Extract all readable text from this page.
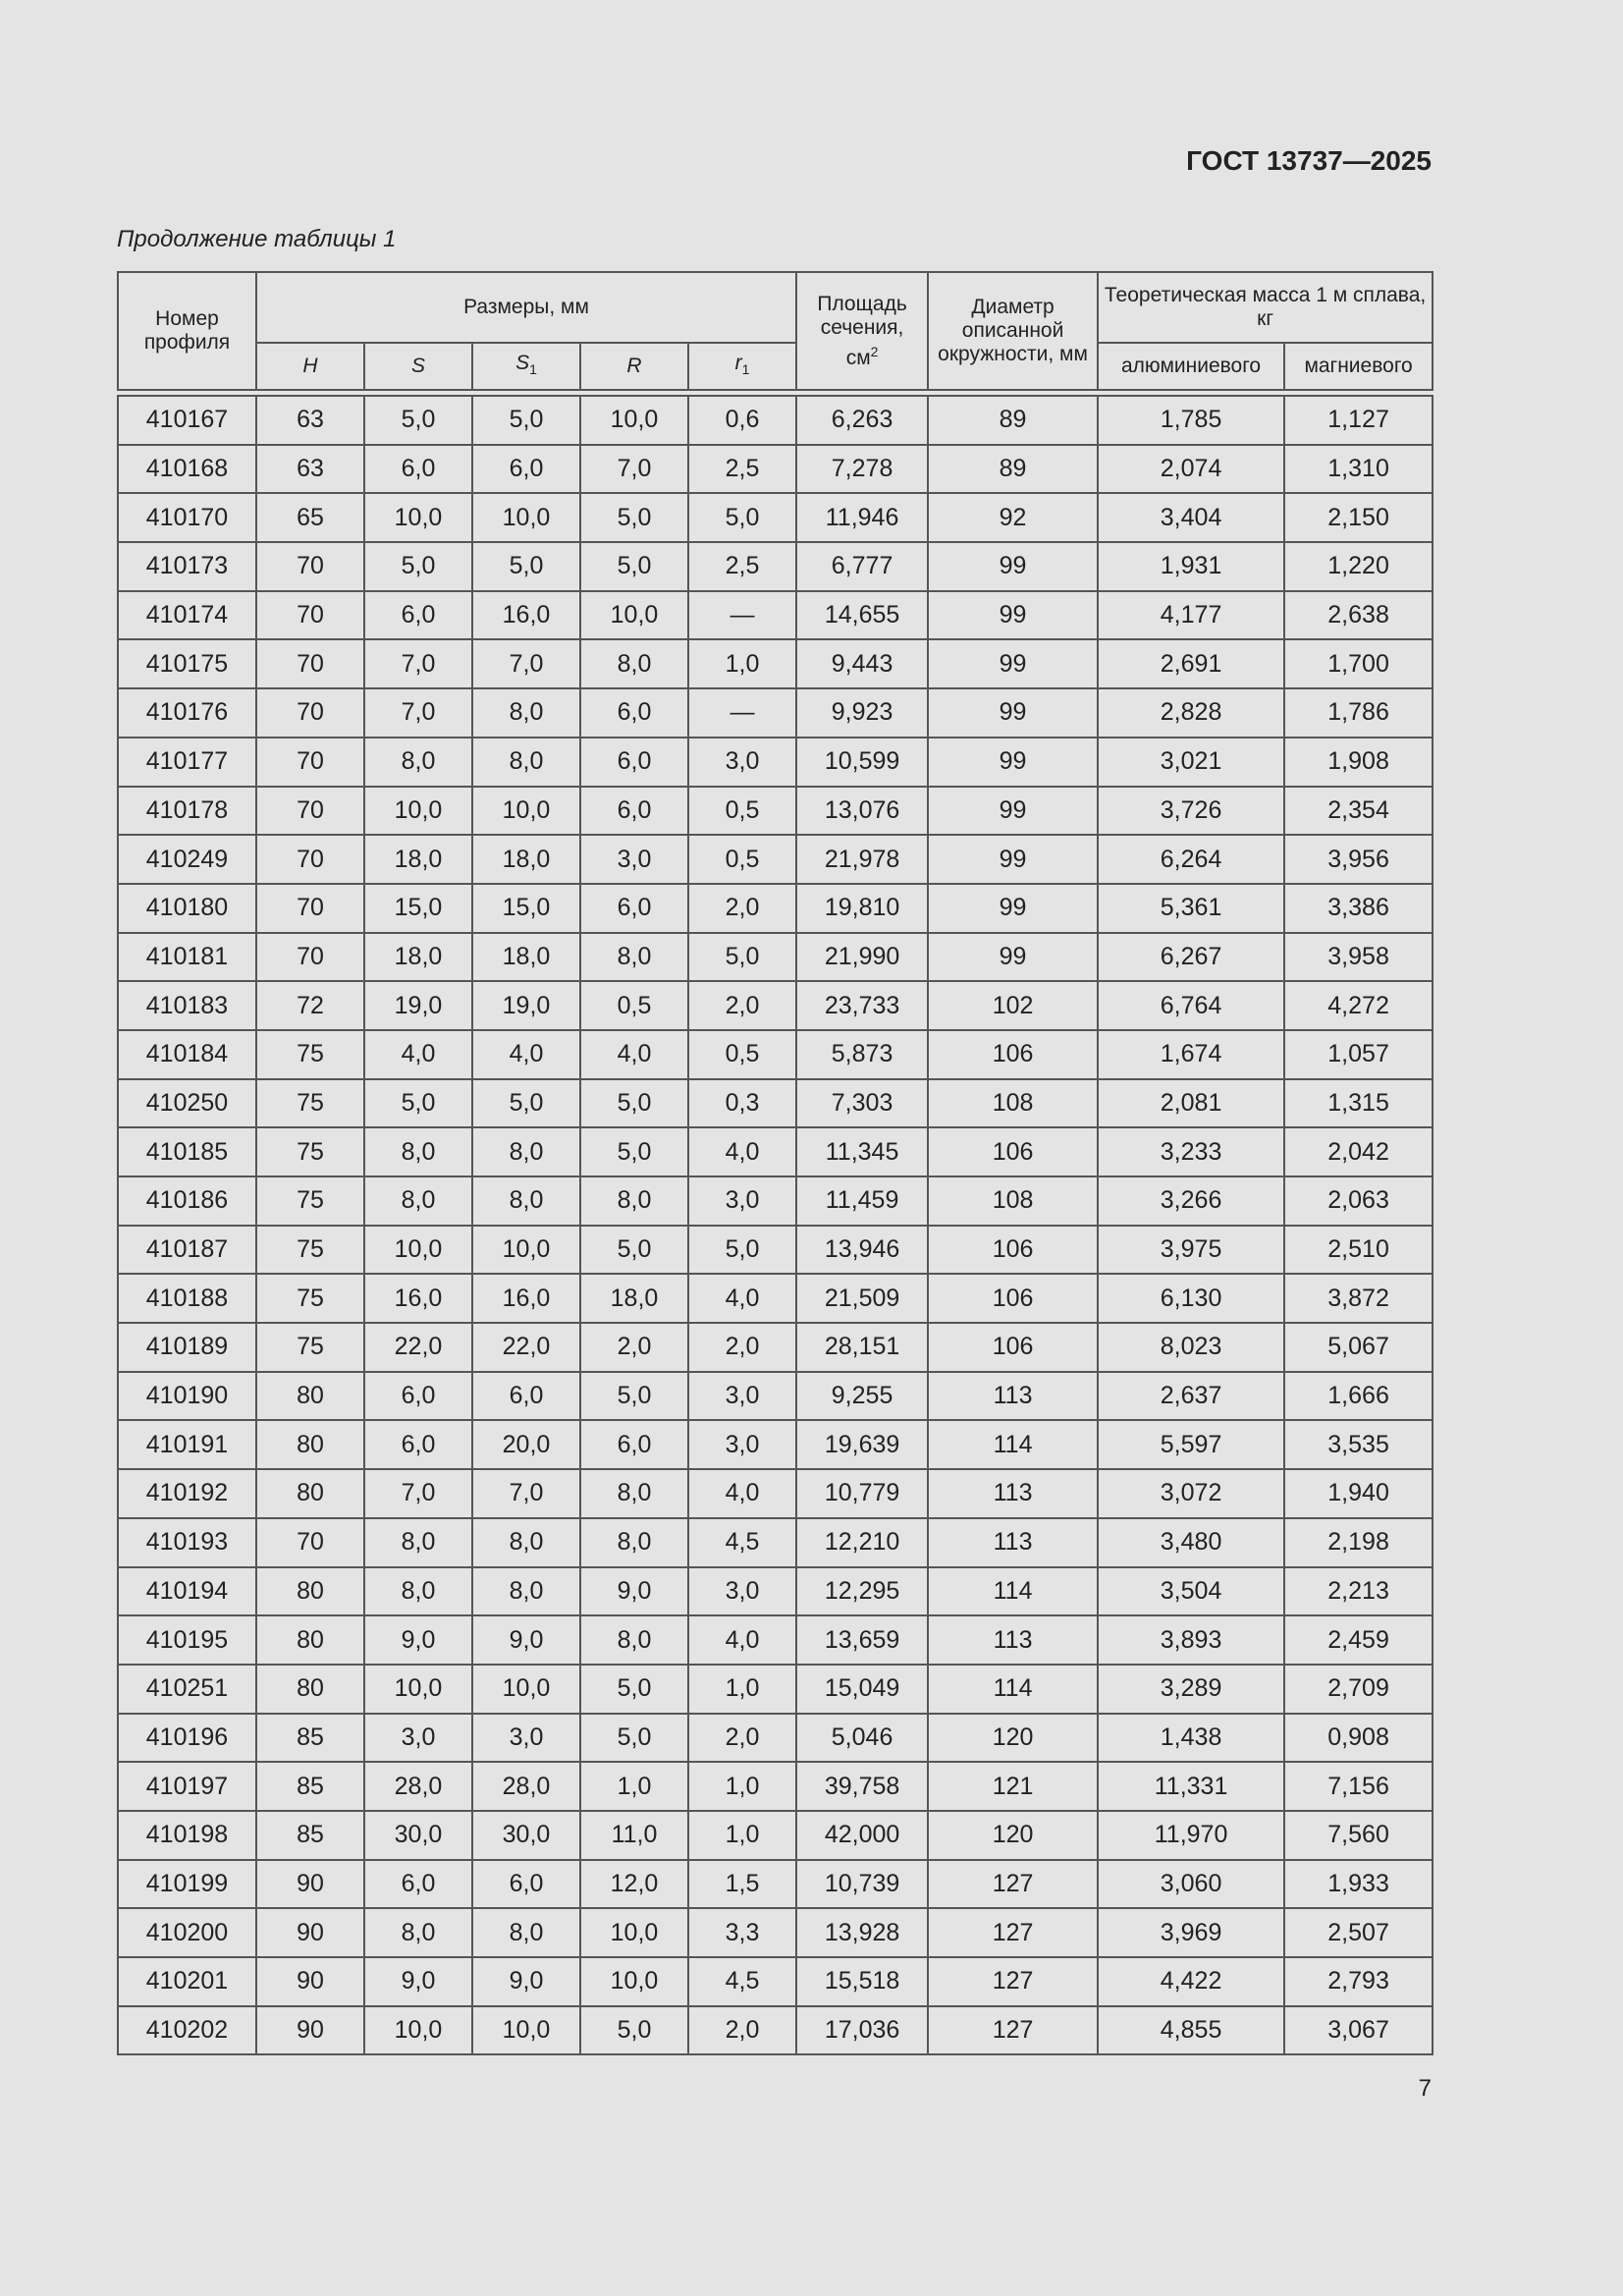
ГОСТ 13737—2025
Продолжение таблицы 1
Номер профиля	Размеры, мм					Площадь сечения,
$см^2$	Диаметр описанной окружности, мм	Теоретическая масса 1 м сплава, кг	
	H	S	$S_1$	R	$r_1$			алюминиевого	магниевого

410167	63	5,0	5,0	10,0	0,6	6,263	89	1,785	1,127
410168	63	6,0	6,0	7,0	2,5	7,278	89	2,074	1,310
410170	65	10,0	10,0	5,0	5,0	11,946	92	3,404	2,150
410173	70	5,0	5,0	5,0	2,5	6,777	99	1,931	1,220
410174	70	6,0	16,0	10,0	—	14,655	99	4,177	2,638
410175	70	7,0	7,0	8,0	1,0	9,443	99	2,691	1,700
410176	70	7,0	8,0	6,0	—	9,923	99	2,828	1,786
410177	70	8,0	8,0	6,0	3,0	10,599	99	3,021	1,908
410178	70	10,0	10,0	6,0	0,5	13,076	99	3,726	2,354
410249	70	18,0	18,0	3,0	0,5	21,978	99	6,264	3,956
410180	70	15,0	15,0	6,0	2,0	19,810	99	5,361	3,386
410181	70	18,0	18,0	8,0	5,0	21,990	99	6,267	3,958
410183	72	19,0	19,0	0,5	2,0	23,733	102	6,764	4,272
410184	75	4,0	4,0	4,0	0,5	5,873	106	1,674	1,057
410250	75	5,0	5,0	5,0	0,3	7,303	108	2,081	1,315
410185	75	8,0	8,0	5,0	4,0	11,345	106	3,233	2,042
410186	75	8,0	8,0	8,0	3,0	11,459	108	3,266	2,063
410187	75	10,0	10,0	5,0	5,0	13,946	106	3,975	2,510
410188	75	16,0	16,0	18,0	4,0	21,509	106	6,130	3,872
410189	75	22,0	22,0	2,0	2,0	28,151	106	8,023	5,067
410190	80	6,0	6,0	5,0	3,0	9,255	113	2,637	1,666
410191	80	6,0	20,0	6,0	3,0	19,639	114	5,597	3,535
410192	80	7,0	7,0	8,0	4,0	10,779	113	3,072	1,940
410193	70	8,0	8,0	8,0	4,5	12,210	113	3,480	2,198
410194	80	8,0	8,0	9,0	3,0	12,295	114	3,504	2,213
410195	80	9,0	9,0	8,0	4,0	13,659	113	3,893	2,459
410251	80	10,0	10,0	5,0	1,0	15,049	114	3,289	2,709
410196	85	3,0	3,0	5,0	2,0	5,046	120	1,438	0,908
410197	85	28,0	28,0	1,0	1,0	39,758	121	11,331	7,156
410198	85	30,0	30,0	11,0	1,0	42,000	120	11,970	7,560
410199	90	6,0	6,0	12,0	1,5	10,739	127	3,060	1,933
410200	90	8,0	8,0	10,0	3,3	13,928	127	3,969	2,507
410201	90	9,0	9,0	10,0	4,5	15,518	127	4,422	2,793
410202	90	10,0	10,0	5,0	2,0	17,036	127	4,855	3,067
7
